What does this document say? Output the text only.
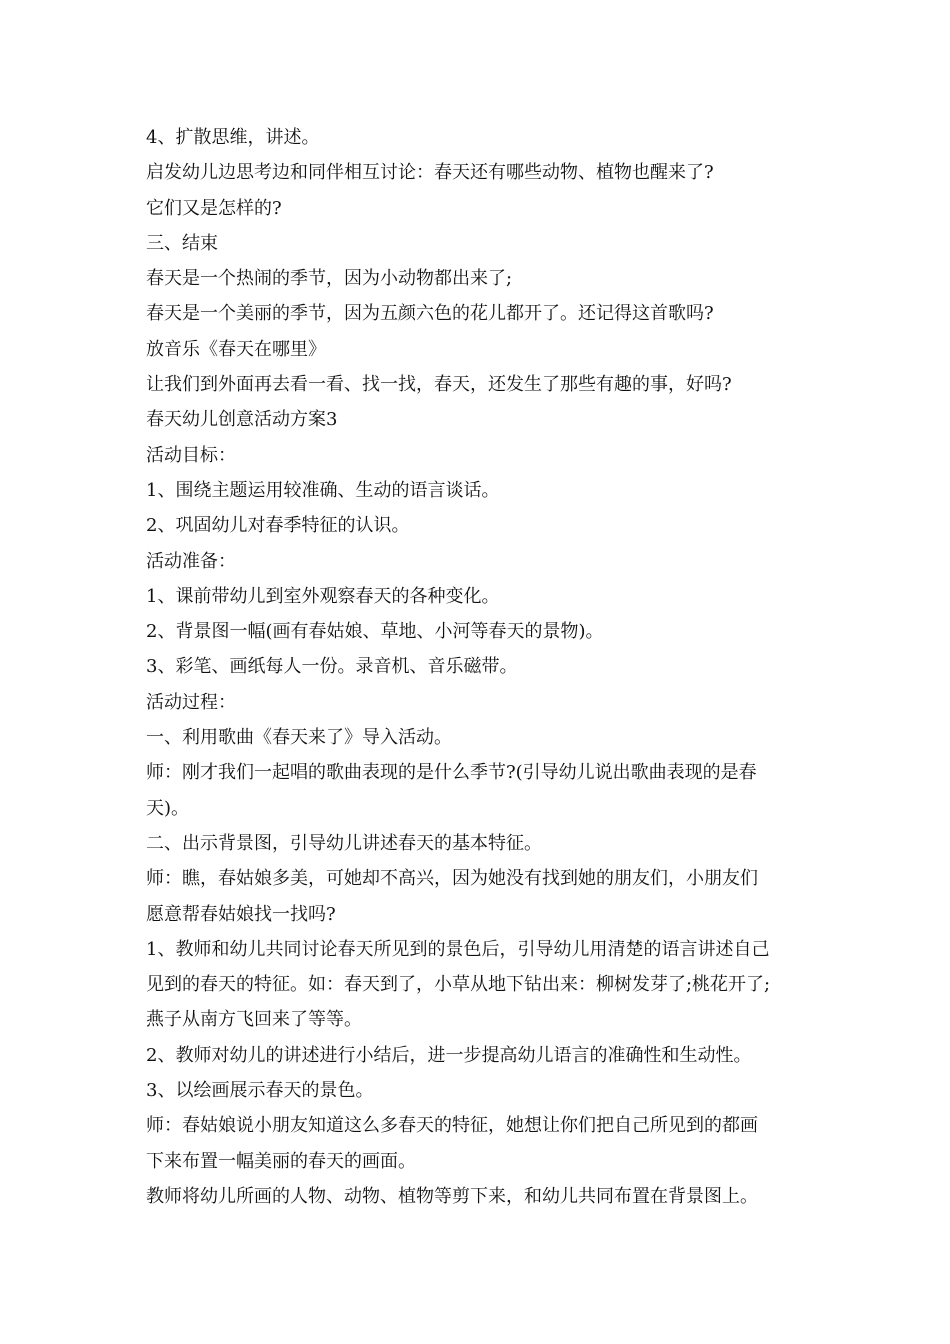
4、扩散思维，讲述。
启发幼儿边思考边和同伴相互讨论：春天还有哪些动物、植物也醒来了?
它们又是怎样的?
三、结束
春天是一个热闹的季节，因为小动物都出来了;
春天是一个美丽的季节，因为五颜六色的花儿都开了。还记得这首歌吗?
放音乐《春天在哪里》
让我们到外面再去看一看、找一找，春天，还发生了那些有趣的事，好吗?
春天幼儿创意活动方案3
活动目标：
1、围绕主题运用较准确、生动的语言谈话。
2、巩固幼儿对春季特征的认识。
活动准备：
1、课前带幼儿到室外观察春天的各种变化。
2、背景图一幅(画有春姑娘、草地、小河等春天的景物)。
3、彩笔、画纸每人一份。录音机、音乐磁带。
活动过程：
一、利用歌曲《春天来了》导入活动。
师：刚才我们一起唱的歌曲表现的是什么季节?(引导幼儿说出歌曲表现的是春
天)。
二、出示背景图，引导幼儿讲述春天的基本特征。
师：瞧，春姑娘多美，可她却不高兴，因为她没有找到她的朋友们，小朋友们
愿意帮春姑娘找一找吗?
1、教师和幼儿共同讨论春天所见到的景色后，引导幼儿用清楚的语言讲述自己
见到的春天的特征。如：春天到了，小草从地下钻出来：柳树发芽了;桃花开了;
燕子从南方飞回来了等等。
2、教师对幼儿的讲述进行小结后，进一步提高幼儿语言的准确性和生动性。
3、以绘画展示春天的景色。
师：春姑娘说小朋友知道这么多春天的特征，她想让你们把自己所见到的都画
下来布置一幅美丽的春天的画面。
教师将幼儿所画的人物、动物、植物等剪下来，和幼儿共同布置在背景图上。
